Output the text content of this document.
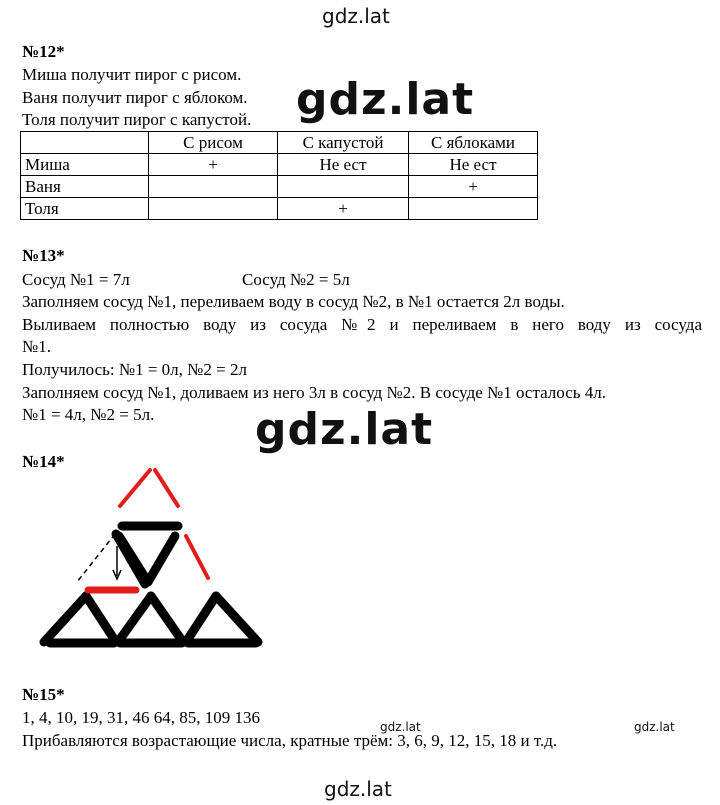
gdz.lat
№12*
Миша получит пирог с рисом.
Ваня получит пирог с яблоком.
Толя получит пирог с капустой.
	С рисом	С капустой	С яблоками
Миша	+	Не ест	Не ест
Ваня			+
Толя		+	
gdz.lat
№13*
Сосуд №1 = 7л	Сосуд №2 = 5л
Заполняем сосуд №1, переливаем воду в сосуд №2, в №1 остается 2л воды.
Выливаем полностью воду из сосуда №2 и переливаем в него воду из сосуда
№1.
Получилось: №1 = 0л, №2 = 2л
Заполняем сосуд №1, доливаем из него 3л в сосуд №2. В сосуде №1 осталось 4л.
№1 = 4л, №2 = 5л. gdz.lat
№14*
№15*
1, 4, 10, 19, 31, 46 64, 85, 109 136
Прибавляются возрастающие числа, кратные трём: 3, 6, 9, 12, 15, 18 и т.д.
gdz.lat	gdz.lat
gdz.lat
